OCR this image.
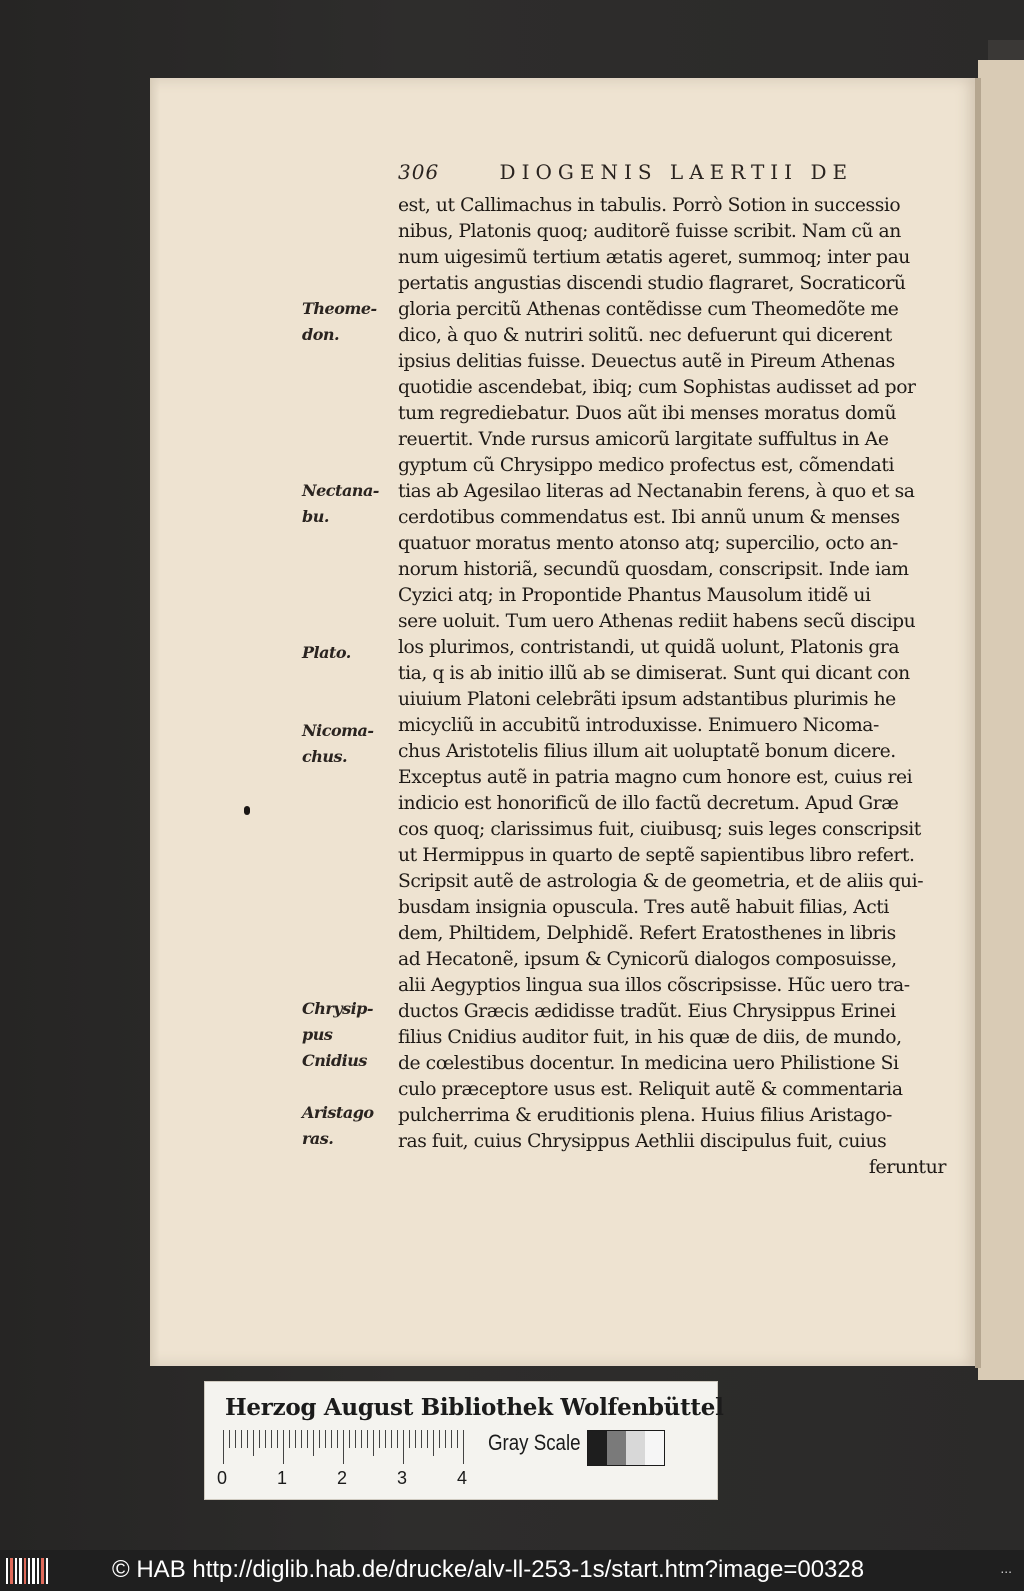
306	DIOGENIS LAERTII DE
est, ut Callimachus in tabulis. Porrò Sotion in successio
nibus, Platonis quoq; auditorẽ fuisse scribit. Nam cũ an
num uigesimũ tertium ætatis ageret, summoq; inter pau
pertatis angustias discendi studio flagraret, Socraticorũ
gloria percitũ Athenas contẽdisse cum Theomedõte me
dico, à quo & nutriri solitũ. nec defuerunt qui dicerent
ipsius delitias fuisse. Deuectus autẽ in Pireum Athenas
quotidie ascendebat, ibiq; cum Sophistas audisset ad por
tum regrediebatur. Duos aũt ibi menses moratus domũ
reuertit. Vnde rursus amicorũ largitate suffultus in Ae
gyptum cũ Chrysippo medico profectus est, cõmendati
tias ab Agesilao literas ad Nectanabin ferens, à quo et sa
cerdotibus commendatus est. Ibi annũ unum & menses
quatuor moratus mento atonso atq; supercilio, octo an-
norum historiã, secundũ quosdam, conscripsit. Inde iam
Cyzici atq; in Propontide Phantus Mausolum itidẽ ui
sere uoluit. Tum uero Athenas rediit habens secũ discipu
los plurimos, contristandi, ut quidã uolunt, Platonis gra
tia, q is ab initio illũ ab se dimiserat. Sunt qui dicant con
uiuium Platoni celebrãti ipsum adstantibus plurimis he
micycliũ in accubitũ introduxisse. Enimuero Nicoma-
chus Aristotelis filius illum ait uoluptatẽ bonum dicere.
Exceptus autẽ in patria magno cum honore est, cuius rei
indicio est honorificũ de illo factũ decretum. Apud Græ
cos quoq; clarissimus fuit, ciuibusq; suis leges conscripsit
ut Hermippus in quarto de septẽ sapientibus libro refert.
Scripsit autẽ de astrologia & de geometria, et de aliis qui-
busdam insignia opuscula. Tres autẽ habuit filias, Acti
dem, Philtidem, Delphidẽ. Refert Eratosthenes in libris
ad Hecatonẽ, ipsum & Cynicorũ dialogos composuisse,
alii Aegyptios lingua sua illos cõscripsisse. Hũc uero tra-
ductos Græcis ædidisse tradũt. Eius Chrysippus Erinei
filius Cnidius auditor fuit, in his quæ de diis, de mundo,
de cœlestibus docentur. In medicina uero Philistione Si
culo præceptore usus est. Reliquit autẽ & commentaria
pulcherrima & eruditionis plena. Huius filius Aristago-
ras fuit, cuius Chrysippus Aethlii discipulus fuit, cuius
feruntur
Theome-
don.
Nectana-
bu.
Plato.
Nicoma-
chus.
Chrysip-
pus Cnidius
Aristago
ras.
Herzog August Bibliothek Wolfenbüttel
0	1	2	3	4
Gray Scale
© HAB http://diglib.hab.de/drucke/alv-ll-253-1s/start.htm?image=00328	...
